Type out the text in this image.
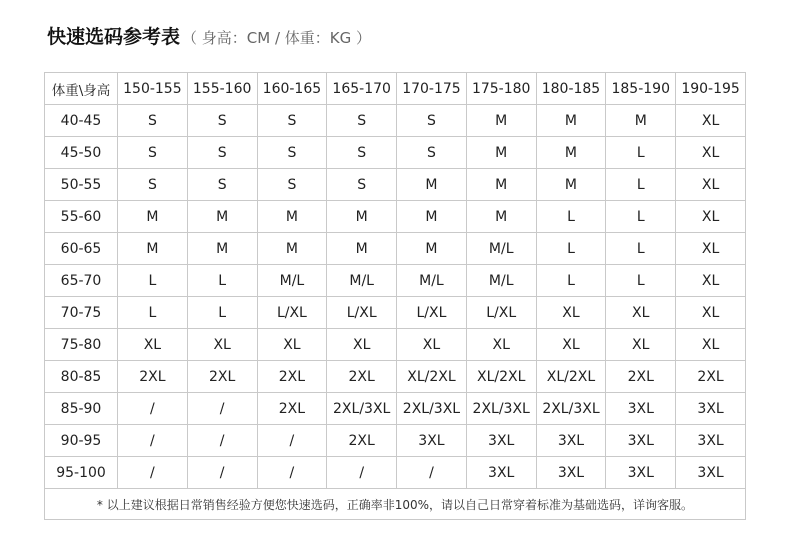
快速选码参考表 （ 身高：CM / 体重：KG ）
体重\身高	150-155	155-160	160-165	165-170	170-175	175-180	180-185	185-190	190-195
40-45	S	S	S	S	S	M	M	M	XL
45-50	S	S	S	S	S	M	M	L	XL
50-55	S	S	S	S	M	M	M	L	XL
55-60	M	M	M	M	M	M	L	L	XL
60-65	M	M	M	M	M	M/L	L	L	XL
65-70	L	L	M/L	M/L	M/L	M/L	L	L	XL
70-75	L	L	L/XL	L/XL	L/XL	L/XL	XL	XL	XL
75-80	XL	XL	XL	XL	XL	XL	XL	XL	XL
80-85	2XL	2XL	2XL	2XL	XL/2XL	XL/2XL	XL/2XL	2XL	2XL
85-90	/	/	2XL	2XL/3XL	2XL/3XL	2XL/3XL	2XL/3XL	3XL	3XL
90-95	/	/	/	2XL	3XL	3XL	3XL	3XL	3XL
95-100	/	/	/	/	/	3XL	3XL	3XL	3XL
* 以上建议根据日常销售经验方便您快速选码，正确率非100%，请以自己日常穿着标准为基础选码，详询客服。									
